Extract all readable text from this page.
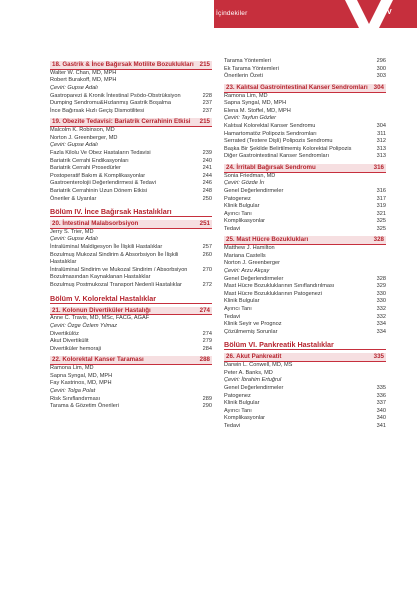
İçindekiler	V
18. Gastrik & İnce Bağırsak Motilite Bozuklukları 215
Walter W. Chan, MD, MPH
Robert Burakoff, MD, MPH
Çeviri: Gupse Adalı
Gastroparezi & Kronik İntestinal Psödo-Obstrüksiyon	228
Dumping Sendromu&Hızlanmış Gastrik Boşalma	237
İnce Bağırsak Hızlı Geçiş Dismotilitesi	237
19. Obezite Tedavisi: Bariatrik Cerrahinin Etkisi	215
Malcolm K. Robinson, MD
Norton J. Greenberger, MD
Çeviri: Gupse Adalı
Fazla Kilolu Ve Obez Hastaların Tedavisi	239
Bariatrik Cerrahi Endikasyonları	240
Bariatrik Cerrahi Prosedürler	241
Postoperatif Bakım & Komplikasyonlar	244
Gastroenterolojii Değerlendirmesi & Tedavi	246
Bariatrik Cerrahinin Uzun Dönem Etkisi	248
Öneriler & Uyarılar	250
Bölüm IV. İnce Bağırsak Hastalıkları
20. İntestinal Malabsorbsiyon	251
Jerry S. Trier, MD
Çeviri: Gupse Adalı
İntralüminal Maldigesyon İle İlişkili Hastalıklar	257
Bozulmuş Mukozal Sindirim & Absorbsiyon İle İlişkili Hastalıklar
260
İntralüminal Sindirim ve Mukozal Sindirim / Absorbsiyon Bozulmasından Kaynaklanan Hastalıklar
270
Bozulmuş Postmukozal Transport Nedenli Hastalıklar	272
Bölüm V. Kolorektal Hastalıklar
21. Kolonun Divertiküler Hastalığı	274
Anne C. Travis, MD, MSc, FACG, AGAF
Çeviri: Özge Özlem Yılmaz
Divertikülöz	274
Akut Divertikülit	279
Divertiküler hemoraji	284
22. Kolorektal Kanser Taraması	288
Ramona Lim, MD
Sapna Syngal, MD, MPH
Fay Kastrinos, MD, MPH
Çeviri: Tolga Polat
Risk Sınıflandırması	289
Tarama & Gözetim Önerileri	290
Tarama Yöntemleri	296
Ek Tarama Yöntemleri	300
Önerilerin Özeti	303
23. Kalıtsal Gastrointestinal Kanser Sendromları 304
Ramona Lim, MD
Sapna Syngal, MD, MPH
Elena M. Stoffel, MD, MPH
Çeviri: Tayfun Gözler
Kalıtsal Kolorektal Kanser Sendromu	304
Hamartomatöz Polipozis Sendromları	311
Serrated (Testere Dişli) Polipozis Sendromu	312
Başka Bir Şekilde Belirtilmemiş Kolorektal Polipozis	313
Diğer Gastrointestinal Kanser Sendromları	313
24. İrritabl Bağırsak Sendromu	316
Sonia Friedman, MD
Çeviri: Gözde İrı
Genel Değerlendirmeler	316
Patogenez	317
Klinik Bulgular	319
Ayırıcı Tanı	321
Komplikasyonlar	325
Tedavi	325
25. Mast Hücre Bozuklukları	328
Matthew J. Hamilton
Mariana Castells
Norton J. Greenberger
Çeviri: Arzu Akçay
Genel Değerlendirmeler	328
Mast Hücre Bozukluklarının Sınıflandırılması	329
Mast Hücre Bozukluklarının Patogenezi	330
Klinik Bulgular	330
Ayırıcı Tanı	332
Tedavi	332
Klinik Seyir ve Prognoz	334
Çözülmemiş Sorunlar	334
Bölüm VI. Pankreatik Hastalıklar
26. Akut Pankreatit	335
Darwin L. Conwell, MD, MS
Peter A. Banks, MD
Çeviri: İbrahim Ertuğrul
Genel Değerlendirmeler	335
Patogenez	336
Klinik Bulgular	337
Ayırıcı Tanı	340
Komplikasyonlar	340
Tedavi	341
